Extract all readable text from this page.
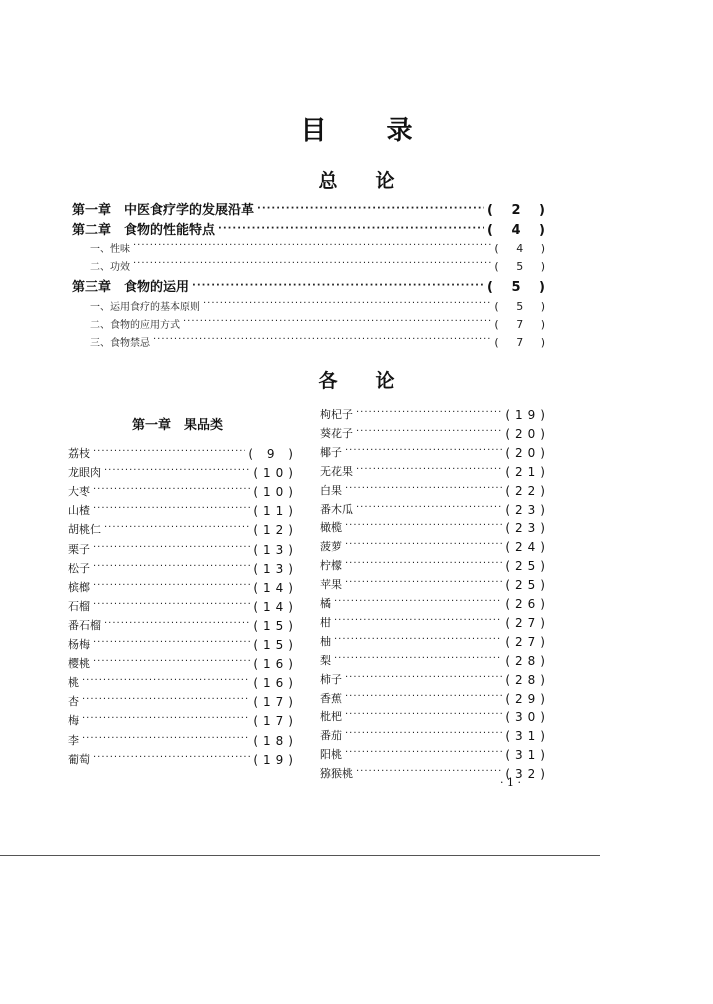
目 录
总 论
第一章　中医食疗学的发展沿革 ·····	( 2 )
第二章　食物的性能特点 ·····	( 4 )
一、性味 ·····	( 4 )
二、功效 ·····	( 5 )
第三章　食物的运用 ·····	( 5 )
一、运用食疗的基本原则 ·····	( 5 )
二、食物的应用方式 ·····	( 7 )
三、食物禁忌 ·····	( 7 )
各 论
第一章　果品类
荔枝 ·····	( 9 )
龙眼肉 ·····	(10)
大枣 ·····	(10)
山楂 ·····	(11)
胡桃仁 ·····	(12)
栗子 ·····	(13)
松子 ·····	(13)
槟榔 ·····	(14)
石榴 ·····	(14)
番石榴 ·····	(15)
杨梅 ·····	(15)
樱桃 ·····	(16)
桃 ·····	(16)
杏 ·····	(17)
梅 ·····	(17)
李 ·····	(18)
葡萄 ·····	(19)
枸杞子 ·····	(19)
葵花子 ·····	(20)
椰子 ·····	(20)
无花果 ·····	(21)
白果 ·····	(22)
番木瓜 ·····	(23)
橄榄 ·····	(23)
菠萝 ·····	(24)
柠檬 ·····	(25)
苹果 ·····	(25)
橘 ·····	(26)
柑 ·····	(27)
柚 ·····	(27)
梨 ·····	(28)
柿子 ·····	(28)
香蕉 ·····	(29)
枇杷 ·····	(30)
番茄 ·····	(31)
阳桃 ·····	(31)
猕猴桃 ·····	(32)
· 1 ·
